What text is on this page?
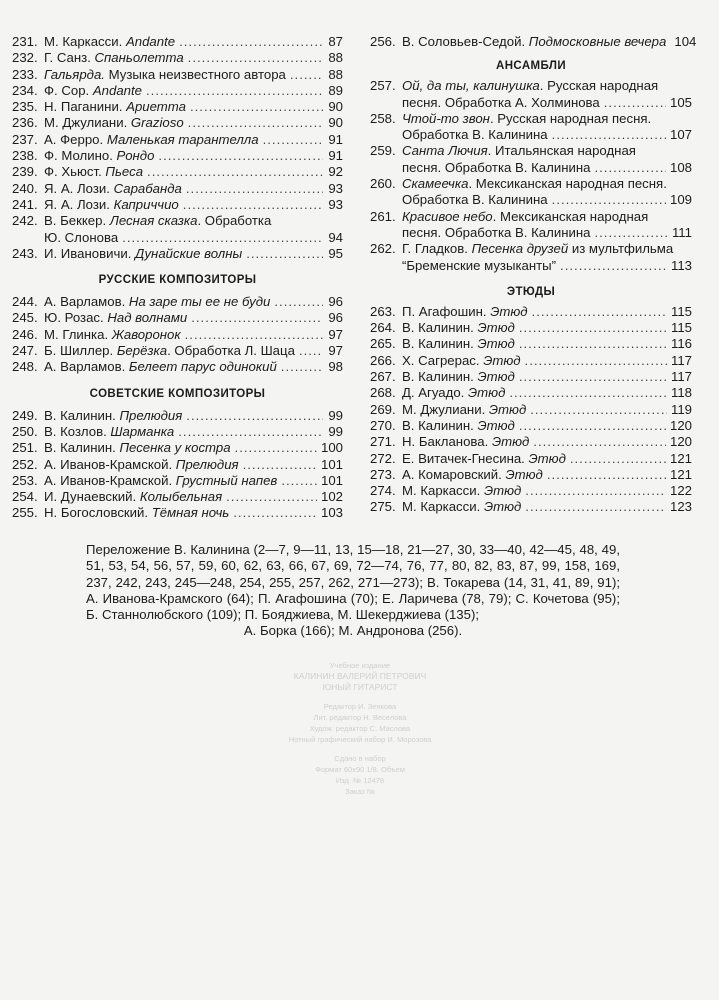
231. М. Каркасси. Andante .....	87
232. Г. Санз. Спаньолетта .....	88
233. Гальярда. Музыка неизвестного автора .....	88
234. Ф. Сор. Andante .....	89
235. Н. Паганини. Ариетта .....	90
236. М. Джулиани. Grazioso .....	90
237. А. Ферро. Маленькая тарантелла .....	91
238. Ф. Молино. Рондо .....	91
239. Ф. Хьюст. Пьеса .....	92
240. Я. А. Лози. Сарабанда .....	93
241. Я. А. Лози. Каприччио .....	93
242. В. Беккер. Лесная сказка. Обработка
Ю. Слонова .....	94
243. И. Ивановичи. Дунайские волны .....	95
РУССКИЕ КОМПОЗИТОРЫ
244. А. Варламов. На заре ты ее не буди .....	96
245. Ю. Розас. Над волнами .....	96
246. М. Глинка. Жаворонок .....	97
247. Б. Шиллер. Берёзка. Обработка Л. Шаца .....	97
248. А. Варламов. Белеет парус одинокий .....	98
СОВЕТСКИЕ КОМПОЗИТОРЫ
249. В. Калинин. Прелюдия .....	99
250. В. Козлов. Шарманка .....	99
251. В. Калинин. Песенка у костра .....	100
252. А. Иванов-Крамской. Прелюдия .....	101
253. А. Иванов-Крамской. Грустный напев .....	101
254. И. Дунаевский. Колыбельная .....	102
255. Н. Богословский. Тёмная ночь .....	103
256. В. Соловьев-Седой. Подмосковные вечера 104
АНСАМБЛИ
257. Ой, да ты, калинушка. Русская народная
песня. Обработка А. Холминова .....	105
258. Чтой-то звон. Русская народная песня.
Обработка В. Калинина .....	107
259. Санта Лючия. Итальянская народная
песня. Обработка В. Калинина .....	108
260. Скамеечка. Мексиканская народная песня.
Обработка В. Калинина .....	109
261. Красивое небо. Мексиканская народная
песня. Обработка В. Калинина .....	111
262. Г. Гладков. Песенка друзей из мультфильма
“Бременские музыканты” .....	113
ЭТЮДЫ
263. П. Агафошин. Этюд .....	115
264. В. Калинин. Этюд .....	115
265. В. Калинин. Этюд .....	116
266. Х. Сагрерас. Этюд .....	117
267. В. Калинин. Этюд .....	117
268. Д. Агуадо. Этюд .....	118
269. М. Джулиани. Этюд .....	119
270. В. Калинин. Этюд .....	120
271. Н. Бакланова. Этюд .....	120
272. Е. Витачек-Гнесина. Этюд .....	121
273. А. Комаровский. Этюд .....	121
274. М. Каркасси. Этюд .....	122
275. М. Каркасси. Этюд .....	123
Переложение В. Калинина (2—7, 9—11, 13, 15—18, 21—27, 30, 33—40, 42—45, 48, 49, 51, 53, 54, 56, 57, 59, 60, 62, 63, 66, 67, 69, 72—74, 76, 77, 80, 82, 83, 87, 99, 158, 169, 237, 242, 243, 245—248, 254, 255, 257, 262, 271—273); В. Токарева (14, 31, 41, 89, 91); А. Иванова-Крамского (64); П. Агафошина (70); Е. Ларичева (78, 79); С. Кочетова (95); Б. Станнолюбского (109); П. Бояджиева, М. Шекерджиева (135);
А. Борка (166); М. Андронова (256).
Учебное издание
КАЛИНИН ВАЛЕРИЙ ПЕТРОВИЧ
ЮНЫЙ ГИТАРИСТ
Редактор И. Зенкова
Лит. редактор Н. Веселова
Худож. редактор С. Маслова
Нотный графический набор И. Морозова
Сдано в набор
Формат 60x90 1/8. Объем
Изд. № 12478
Заказ №
